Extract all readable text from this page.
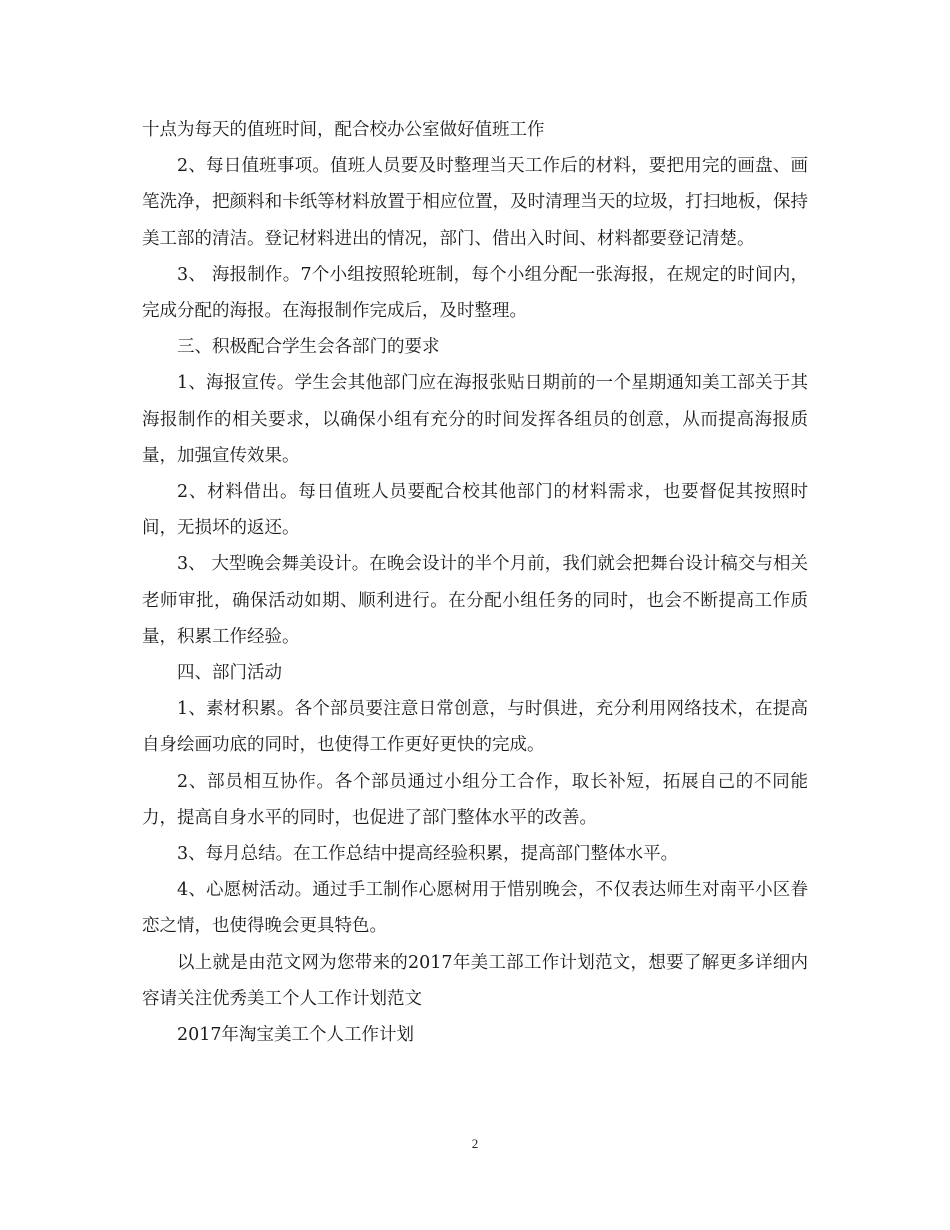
十点为每天的值班时间，配合校办公室做好值班工作

2、每日值班事项。值班人员要及时整理当天工作后的材料，要把用完的画盘、画笔洗净，把颜料和卡纸等材料放置于相应位置，及时清理当天的垃圾，打扫地板，保持美工部的清洁。登记材料进出的情况，部门、借出入时间、材料都要登记清楚。

3、 海报制作。7个小组按照轮班制，每个小组分配一张海报，在规定的时间内，完成分配的海报。在海报制作完成后，及时整理。

三、积极配合学生会各部门的要求

1、海报宣传。学生会其他部门应在海报张贴日期前的一个星期通知美工部关于其海报制作的相关要求，以确保小组有充分的时间发挥各组员的创意，从而提高海报质量，加强宣传效果。

2、材料借出。每日值班人员要配合校其他部门的材料需求，也要督促其按照时间，无损坏的返还。

3、 大型晚会舞美设计。在晚会设计的半个月前，我们就会把舞台设计稿交与相关老师审批，确保活动如期、顺利进行。在分配小组任务的同时，也会不断提高工作质量，积累工作经验。

四、部门活动

1、素材积累。各个部员要注意日常创意，与时俱进，充分利用网络技术，在提高自身绘画功底的同时，也使得工作更好更快的完成。

2、部员相互协作。各个部员通过小组分工合作，取长补短，拓展自己的不同能力，提高自身水平的同时，也促进了部门整体水平的改善。

3、每月总结。在工作总结中提高经验积累，提高部门整体水平。

4、心愿树活动。通过手工制作心愿树用于惜别晚会，不仅表达师生对南平小区眷恋之情，也使得晚会更具特色。

以上就是由范文网为您带来的2017年美工部工作计划范文，想要了解更多详细内容请关注优秀美工个人工作计划范文

2017年淘宝美工个人工作计划

2
